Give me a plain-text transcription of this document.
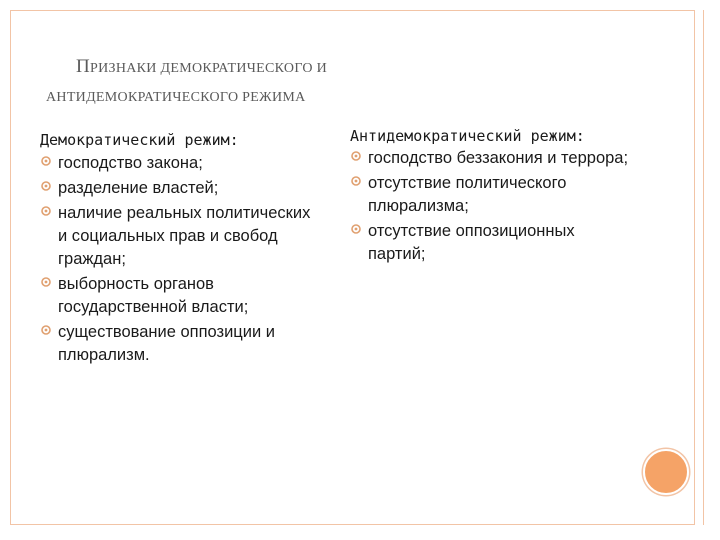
ПРИЗНАКИ ДЕМОКРАТИЧЕСКОГО И
АНТИДЕМОКРАТИЧЕСКОГО РЕЖИМА
Демократический режим:
господство закона;
разделение властей;
наличие реальных политических и социальных прав и свобод граждан;
выборность органов государственной власти;
существование оппозиции и плюрализм.
Антидемократический режим:
господство беззакония и террора;
отсутствие политического плюрализма;
отсутствие оппозиционных партий;
